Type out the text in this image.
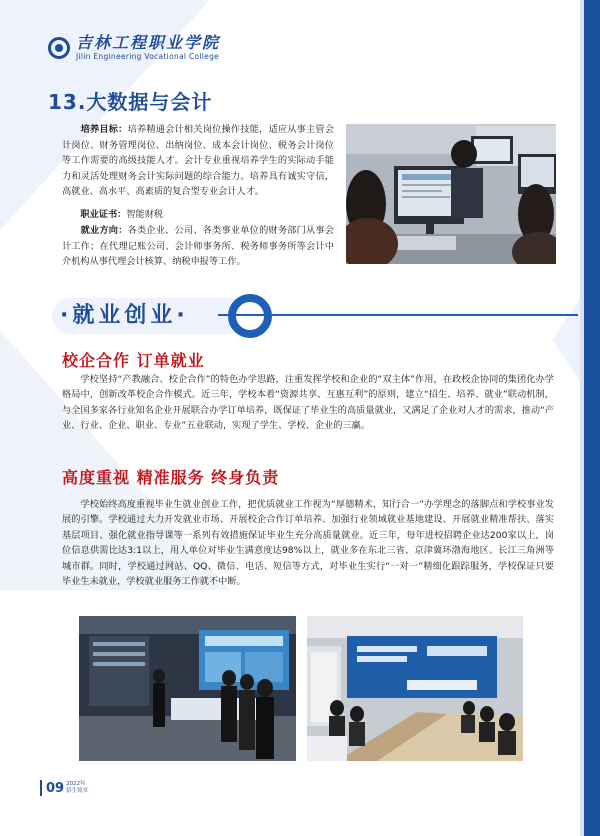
吉林工程职业学院
Jilin Engineering Vocational College
13.大数据与会计

培养目标：培养精通会计相关岗位操作技能，适应从事主管会计岗位、财务管理岗位、出纳岗位、成本会计岗位、税务会计岗位等工作需要的高级技能人才。会计专业重视培养学生的实际动手能力和灵活处理财务会计实际问题的综合能力。培养具有诚实守信，高就业、高水平、高素质的复合型专业会计人才。

职业证书：智能财税

就业方向：各类企业、公司、各类事业单位的财务部门从事会计工作；在代理记账公司、会计师事务所、税务师事务所等会计中介机构从事代理会计核算、纳税申报等工作。

·就业创业·
校企合作 订单就业

学校坚持“产教融合、校企合作”的特色办学思路，注重发挥学校和企业的“双主体”作用，在政校企协同的集团化办学格局中，创新改革校企合作模式。近三年，学校本着“资源共享、互惠互利”的原则，建立“招生、培养、就业”联动机制，与全国多家各行业知名企业开展联合办学订单培养，既保证了毕业生的高质量就业，又满足了企业对人才的需求，推动“产业、行业、企业、职业、专业”五业联动，实现了学生、学校、企业的三赢。

高度重视 精准服务 终身负责

学校始终高度重视毕业生就业创业工作，把优质就业工作视为“厚德精术，知行合一”办学理念的落脚点和学校事业发展的引擎。学校通过大力开发就业市场、开展校企合作订单培养、加强行业领域就业基地建设、开展就业精准帮扶、落实基层项目、强化就业指导课等一系列有效措施保证毕业生充分高质量就业。近三年，每年进校招聘企业达200家以上，岗位信息供需比达3:1以上，用人单位对毕业生满意度达98%以上，就业多在东北三省、京津冀环渤海地区、长江三角洲等城市群。同时，学校通过网站、QQ、微信、电话、短信等方式，对毕业生实行“一对一”精细化跟踪服务，学校保证只要毕业生未就业，学校就业服务工作就不中断。

09 2022年
招生简章
